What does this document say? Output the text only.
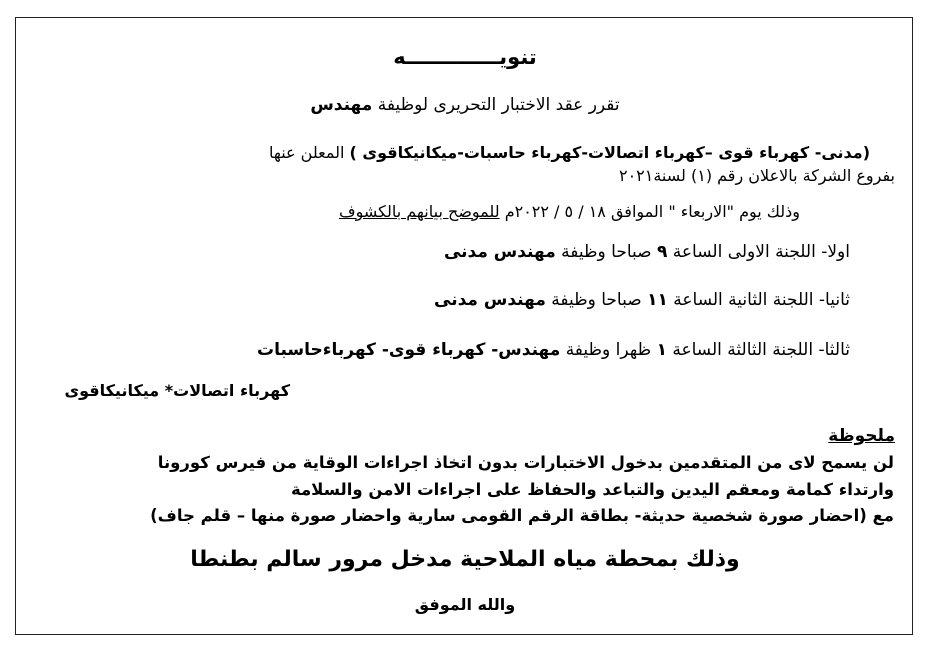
تنويـــــــــــــه
تقرر عقد الاختبار التحريرى لوظيفة مهندس
(مدنى- كهرباء قوى –كهرباء اتصالات-كهرباء حاسبات-ميكانيكاقوى ) المعلن عنها
بفروع الشركة بالاعلان رقم (١) لسنة٢٠٢١
وذلك يوم "الاربعاء " الموافق ١٨ / ٥ / ٢٠٢٢م للموضح بيانهم بالكشوف
اولا- اللجنة الاولى الساعة ٩ صباحا وظيفة مهندس مدنى
ثانيا- اللجنة الثانية الساعة ١١ صباحا وظيفة مهندس مدنى
ثالثا- اللجنة الثالثة الساعة ١ ظهرا وظيفة مهندس- كهرباء قوى- كهرباءحاسبات
كهرباء اتصالات* ميكانيكاقوى
ملحوظة
لن يسمح لاى من المتقدمين بدخول الاختبارات بدون اتخاذ اجراءات الوقاية من فيرس كورونا
وارتداء كمامة ومعقم اليدين والتباعد والحفاظ على اجراءات الامن والسلامة
مع (احضار صورة شخصية حديثة- بطاقة الرقم القومى سارية واحضار صورة منها – قلم جاف)
وذلك بمحطة مياه الملاحية مدخل مرور سالم بطنطا
والله الموفق
